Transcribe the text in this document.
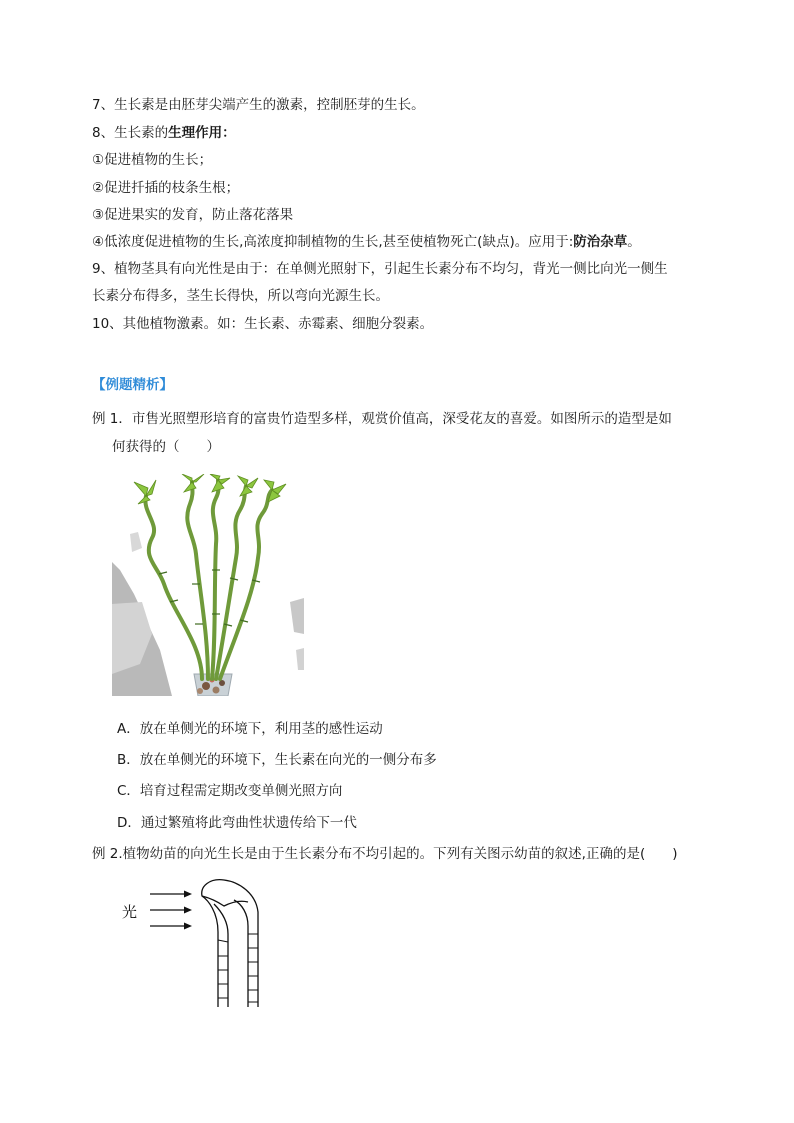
7、生长素是由胚芽尖端产生的激素，控制胚芽的生长。
8、生长素的生理作用：
①促进植物的生长；
②促进扦插的枝条生根；
③促进果实的发育，防止落花落果
④低浓度促进植物的生长,高浓度抑制植物的生长,甚至使植物死亡(缺点)。应用于:防治杂草。
9、植物茎具有向光性是由于：在单侧光照射下，引起生长素分布不均匀，背光一侧比向光一侧生
长素分布得多，茎生长得快，所以弯向光源生长。
10、其他植物激素。如：生长素、赤霉素、细胞分裂素。
【例题精析】
例 1．市售光照塑形培育的富贵竹造型多样，观赏价值高，深受花友的喜爱。如图所示的造型是如
何获得的（　　）
A．放在单侧光的环境下，利用茎的感性运动
B．放在单侧光的环境下，生长素在向光的一侧分布多
C．培育过程需定期改变单侧光照方向
D．通过繁殖将此弯曲性状遗传给下一代
例 2.植物幼苗的向光生长是由于生长素分布不均引起的。下列有关图示幼苗的叙述,正确的是(　　)
光
